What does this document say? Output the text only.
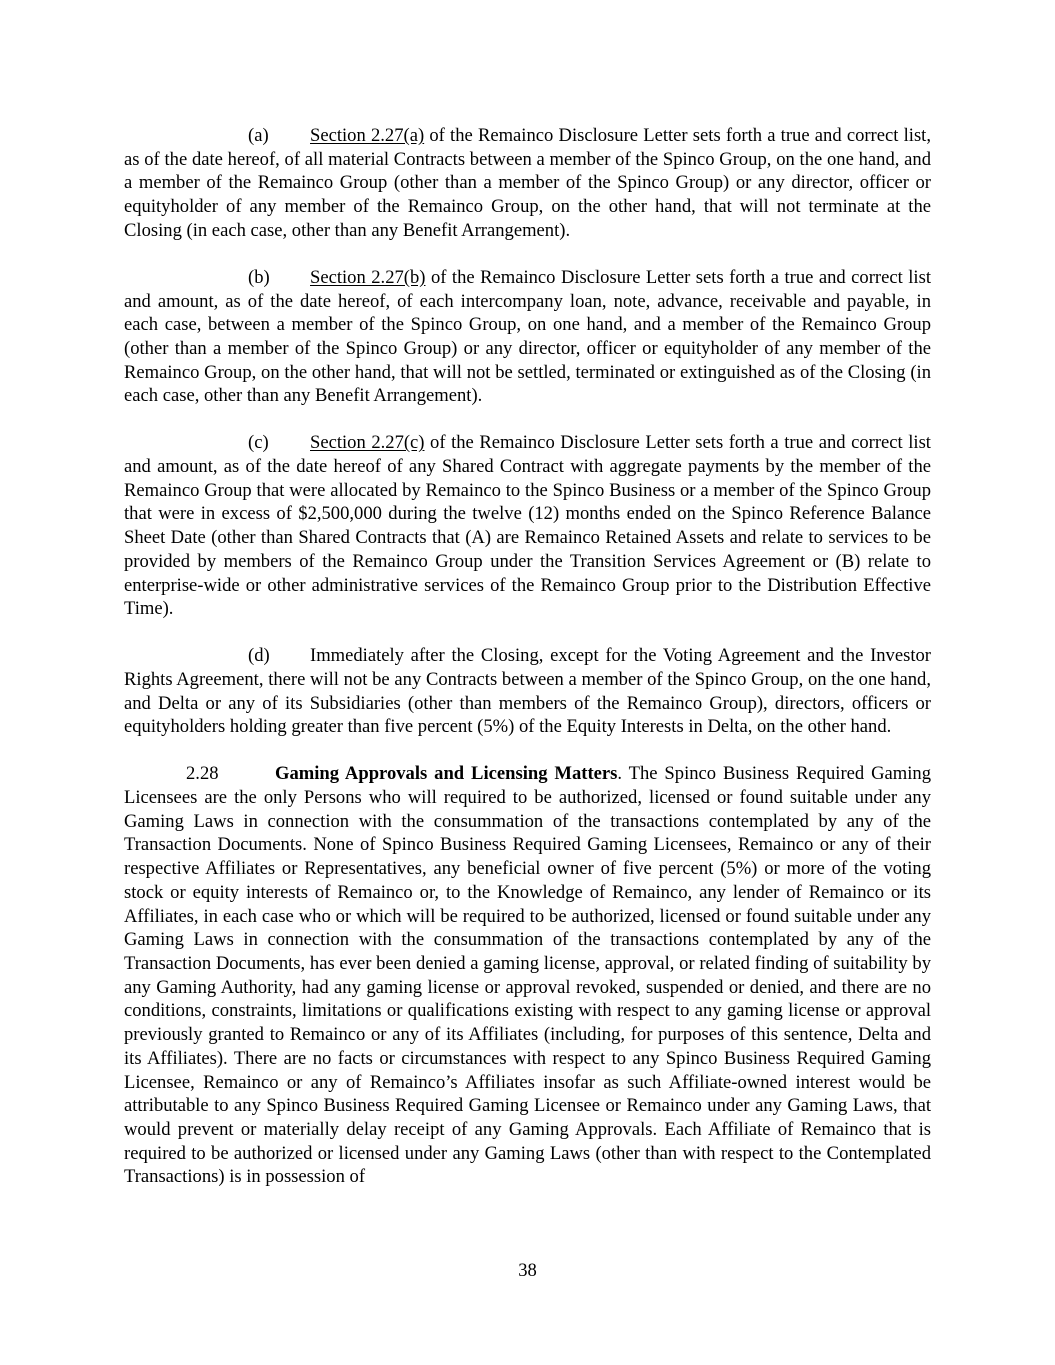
(a) Section 2.27(a) of the Remainco Disclosure Letter sets forth a true and correct list, as of the date hereof, of all material Contracts between a member of the Spinco Group, on the one hand, and a member of the Remainco Group (other than a member of the Spinco Group) or any director, officer or equityholder of any member of the Remainco Group, on the other hand, that will not terminate at the Closing (in each case, other than any Benefit Arrangement).

(b) Section 2.27(b) of the Remainco Disclosure Letter sets forth a true and correct list and amount, as of the date hereof, of each intercompany loan, note, advance, receivable and payable, in each case, between a member of the Spinco Group, on one hand, and a member of the Remainco Group (other than a member of the Spinco Group) or any director, officer or equityholder of any member of the Remainco Group, on the other hand, that will not be settled, terminated or extinguished as of the Closing (in each case, other than any Benefit Arrangement).

(c) Section 2.27(c) of the Remainco Disclosure Letter sets forth a true and correct list and amount, as of the date hereof of any Shared Contract with aggregate payments by the member of the Remainco Group that were allocated by Remainco to the Spinco Business or a member of the Spinco Group that were in excess of $2,500,000 during the twelve (12) months ended on the Spinco Reference Balance Sheet Date (other than Shared Contracts that (A) are Remainco Retained Assets and relate to services to be provided by members of the Remainco Group under the Transition Services Agreement or (B) relate to enterprise-wide or other administrative services of the Remainco Group prior to the Distribution Effective Time).

(d) Immediately after the Closing, except for the Voting Agreement and the Investor Rights Agreement, there will not be any Contracts between a member of the Spinco Group, on the one hand, and Delta or any of its Subsidiaries (other than members of the Remainco Group), directors, officers or equityholders holding greater than five percent (5%) of the Equity Interests in Delta, on the other hand.

2.28	Gaming Approvals and Licensing Matters. The Spinco Business Required Gaming Licensees are the only Persons who will required to be authorized, licensed or found suitable under any Gaming Laws in connection with the consummation of the transactions contemplated by any of the Transaction Documents. None of Spinco Business Required Gaming Licensees, Remainco or any of their respective Affiliates or Representatives, any beneficial owner of five percent (5%) or more of the voting stock or equity interests of Remainco or, to the Knowledge of Remainco, any lender of Remainco or its Affiliates, in each case who or which will be required to be authorized, licensed or found suitable under any Gaming Laws in connection with the consummation of the transactions contemplated by any of the Transaction Documents, has ever been denied a gaming license, approval, or related finding of suitability by any Gaming Authority, had any gaming license or approval revoked, suspended or denied, and there are no conditions, constraints, limitations or qualifications existing with respect to any gaming license or approval previously granted to Remainco or any of its Affiliates (including, for purposes of this sentence, Delta and its Affiliates). There are no facts or circumstances with respect to any Spinco Business Required Gaming Licensee, Remainco or any of Remainco’s Affiliates insofar as such Affiliate-owned interest would be attributable to any Spinco Business Required Gaming Licensee or Remainco under any Gaming Laws, that would prevent or materially delay receipt of any Gaming Approvals. Each Affiliate of Remainco that is required to be authorized or licensed under any Gaming Laws (other than with respect to the Contemplated Transactions) is in possession of

38
